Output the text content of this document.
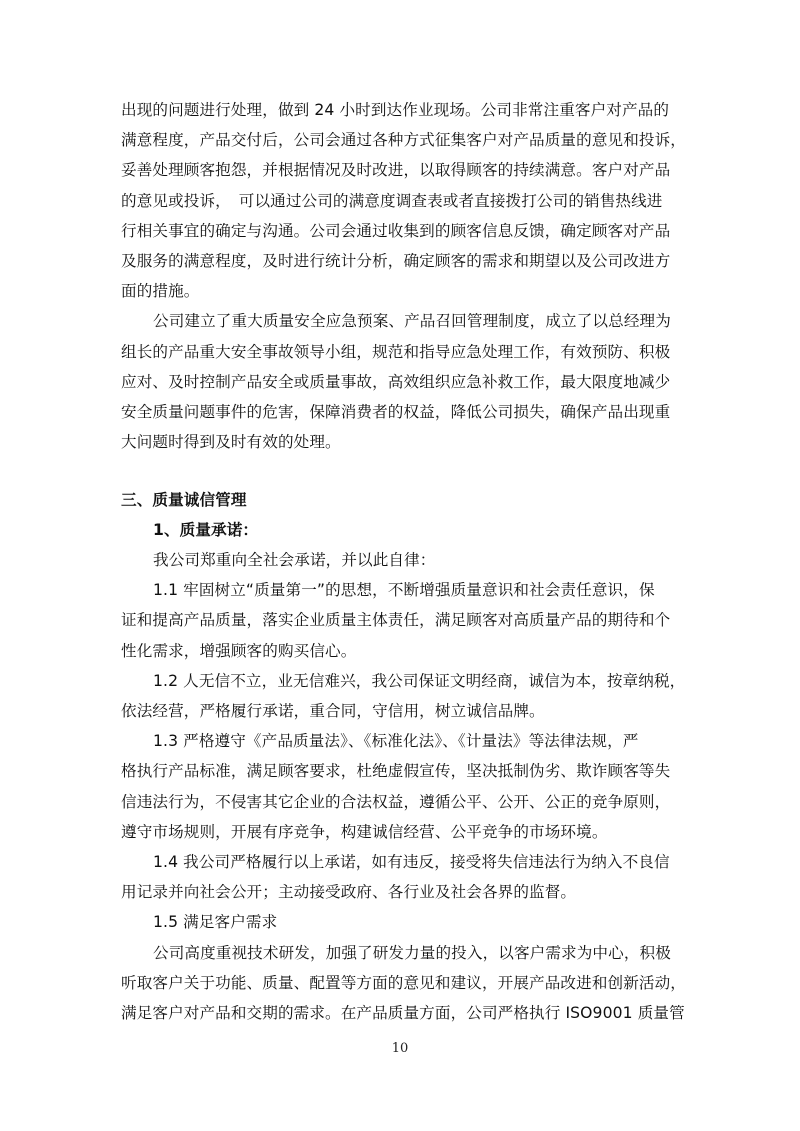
出现的问题进行处理，做到 24 小时到达作业现场。公司非常注重客户对产品的
满意程度，产品交付后，公司会通过各种方式征集客户对产品质量的意见和投诉，
妥善处理顾客抱怨，并根据情况及时改进，以取得顾客的持续满意。客户对产品
的意见或投诉，　可以通过公司的满意度调查表或者直接拨打公司的销售热线进
行相关事宜的确定与沟通。公司会通过收集到的顾客信息反馈，确定顾客对产品
及服务的满意程度，及时进行统计分析，确定顾客的需求和期望以及公司改进方
面的措施。
公司建立了重大质量安全应急预案、产品召回管理制度，成立了以总经理为
组长的产品重大安全事故领导小组，规范和指导应急处理工作，有效预防、积极
应对、及时控制产品安全或质量事故，高效组织应急补救工作，最大限度地减少
安全质量问题事件的危害，保障消费者的权益，降低公司损失，确保产品出现重
大问题时得到及时有效的处理。
三、质量诚信管理
1、质量承诺：
我公司郑重向全社会承诺，并以此自律：
1.1 牢固树立“质量第一”的思想，不断增强质量意识和社会责任意识，保
证和提高产品质量，落实企业质量主体责任，满足顾客对高质量产品的期待和个
性化需求，增强顾客的购买信心。
1.2 人无信不立，业无信难兴，我公司保证文明经商，诚信为本，按章纳税，
依法经营，严格履行承诺，重合同，守信用，树立诚信品牌。
1.3 严格遵守《产品质量法》、《标准化法》、《计量法》等法律法规，严
格执行产品标准，满足顾客要求，杜绝虚假宣传，坚决抵制伪劣、欺诈顾客等失
信违法行为，不侵害其它企业的合法权益，遵循公平、公开、公正的竞争原则，
遵守市场规则，开展有序竞争，构建诚信经营、公平竞争的市场环境。
1.4 我公司严格履行以上承诺，如有违反，接受将失信违法行为纳入不良信
用记录并向社会公开；主动接受政府、各行业及社会各界的监督。
1.5 满足客户需求
公司高度重视技术研发，加强了研发力量的投入，以客户需求为中心，积极
听取客户关于功能、质量、配置等方面的意见和建议，开展产品改进和创新活动，
满足客户对产品和交期的需求。在产品质量方面，公司严格执行 ISO9001 质量管
10
